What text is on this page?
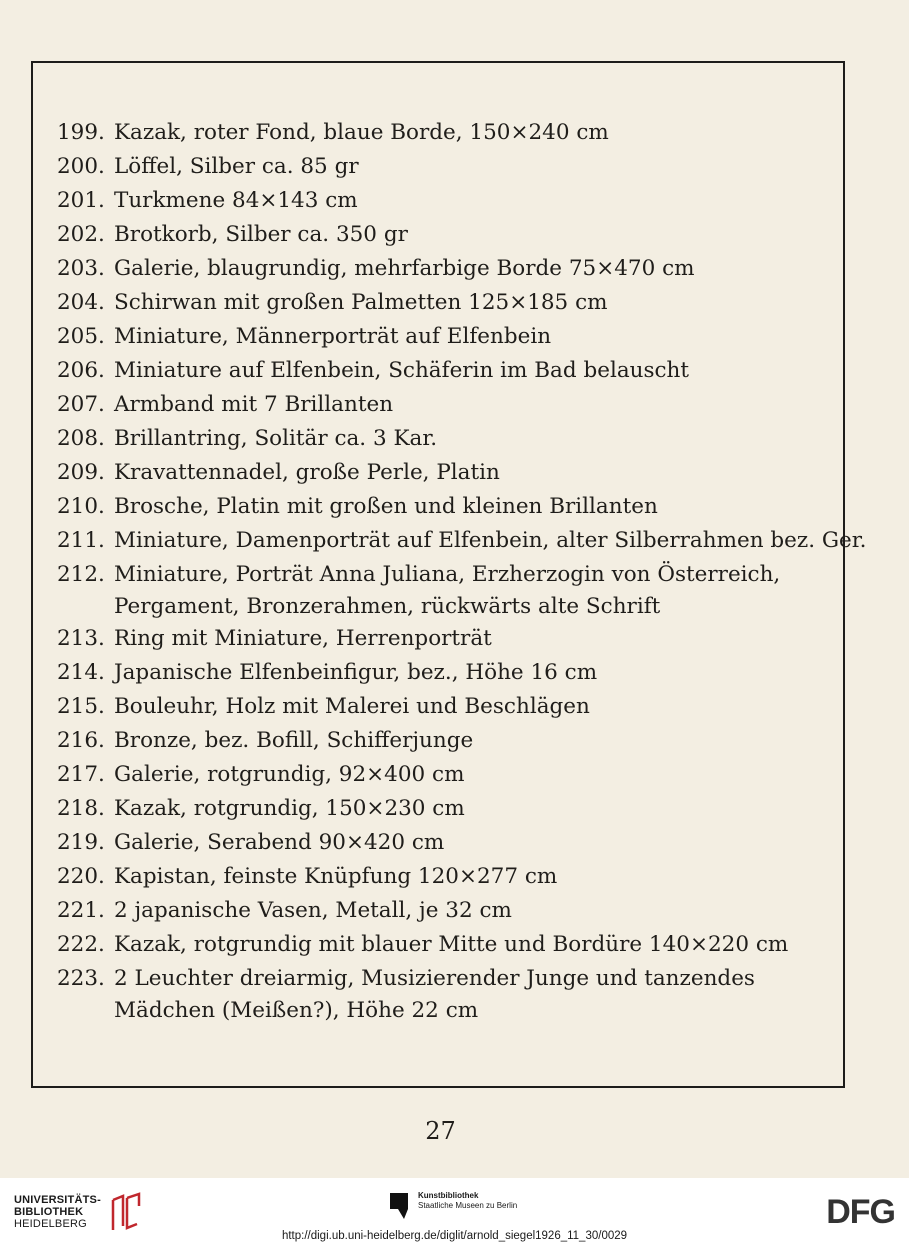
199. Kazak, roter Fond, blaue Borde, 150×240 cm
200. Löffel, Silber ca. 85 gr
201. Turkmene 84×143 cm
202. Brotkorb, Silber ca. 350 gr
203. Galerie, blaugrundig, mehrfarbige Borde 75×470 cm
204. Schirwan mit großen Palmetten 125×185 cm
205. Miniature, Männerporträt auf Elfenbein
206. Miniature auf Elfenbein, Schäferin im Bad belauscht
207. Armband mit 7 Brillanten
208. Brillantring, Solitär ca. 3 Kar.
209. Kravattennadel, große Perle, Platin
210. Brosche, Platin mit großen und kleinen Brillanten
211. Miniature, Damenporträt auf Elfenbein, alter Silberrahmen bez. Ger.
212. Miniature, Porträt Anna Juliana, Erzherzogin von Österreich,
Pergament, Bronzerahmen, rückwärts alte Schrift
213. Ring mit Miniature, Herrenporträt
214. Japanische Elfenbeinfigur, bez., Höhe 16 cm
215. Bouleuhr, Holz mit Malerei und Beschlägen
216. Bronze, bez. Bofill, Schifferjunge
217. Galerie, rotgrundig, 92×400 cm
218. Kazak, rotgrundig, 150×230 cm
219. Galerie, Serabend 90×420 cm
220. Kapistan, feinste Knüpfung 120×277 cm
221. 2 japanische Vasen, Metall, je 32 cm
222. Kazak, rotgrundig mit blauer Mitte und Bordüre 140×220 cm
223. 2 Leuchter dreiarmig, Musizierender Junge und tanzendes
Mädchen (Meißen?), Höhe 22 cm
27
UNIVERSITÄTS-
BIBLIOTHEK
HEIDELBERG
Kunstbibliothek
Staatliche Museen zu Berlin	DFG
http://digi.ub.uni-heidelberg.de/diglit/arnold_siegel1926_11_30/0029
